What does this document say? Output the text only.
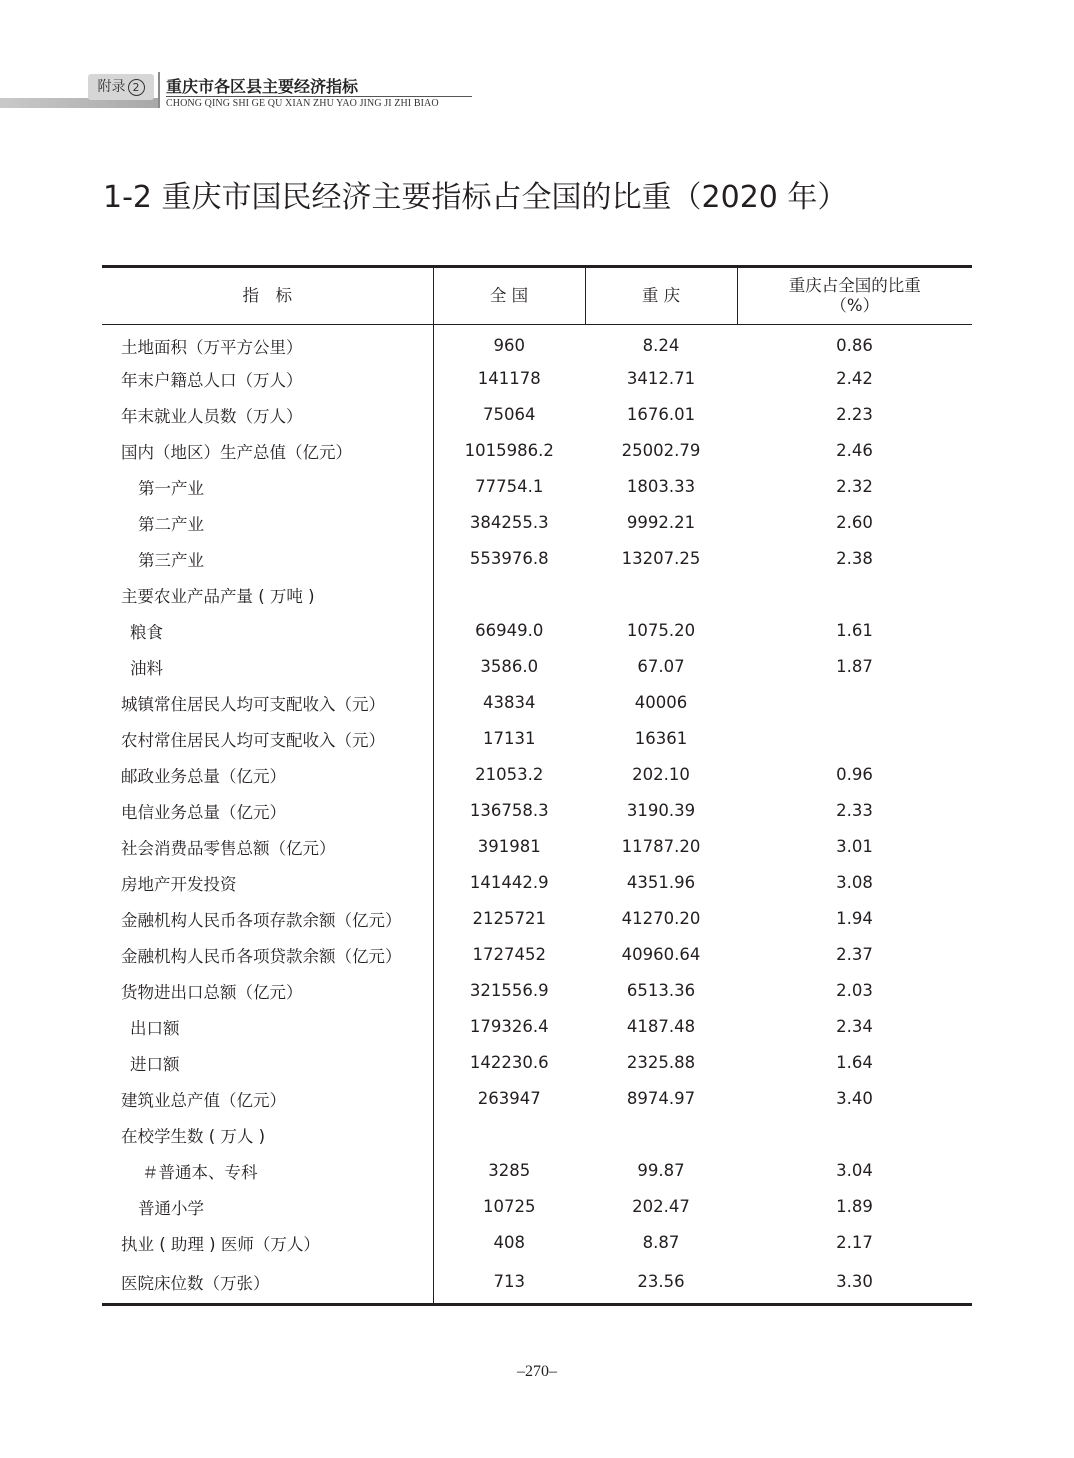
附录 2	重庆市各区县主要经济指标
CHONG QING SHI GE QU XIAN ZHU YAO JING JI ZHI BIAO
1-2 重庆市国民经济主要指标占全国的比重（2020 年）
指　标	全 国	重 庆	重庆占全国的比重
（%）

土地面积（万平方公里）	960	8.24	0.86
年末户籍总人口（万人）	141178	3412.71	2.42
年末就业人员数（万人）	75064	1676.01	2.23
国内（地区）生产总值（亿元）	1015986.2	25002.79	2.46
第一产业	77754.1	1803.33	2.32
第二产业	384255.3	9992.21	2.60
第三产业	553976.8	13207.25	2.38
主要农业产品产量 ( 万吨 )			
粮食	66949.0	1075.20	1.61
油料	3586.0	67.07	1.87
城镇常住居民人均可支配收入（元）	43834	40006	
农村常住居民人均可支配收入（元）	17131	16361	
邮政业务总量（亿元）	21053.2	202.10	0.96
电信业务总量（亿元）	136758.3	3190.39	2.33
社会消费品零售总额（亿元）	391981	11787.20	3.01
房地产开发投资	141442.9	4351.96	3.08
金融机构人民币各项存款余额（亿元）	2125721	41270.20	1.94
金融机构人民币各项贷款余额（亿元）	1727452	40960.64	2.37
货物进出口总额（亿元）	321556.9	6513.36	2.03
出口额	179326.4	4187.48	2.34
进口额	142230.6	2325.88	1.64
建筑业总产值（亿元）	263947	8974.97	3.40
在校学生数 ( 万人 )			
＃普通本、专科	3285	99.87	3.04
普通小学	10725	202.47	1.89
执业 ( 助理 ) 医师（万人）	408	8.87	2.17
医院床位数（万张）	713	23.56	3.30
–270–
